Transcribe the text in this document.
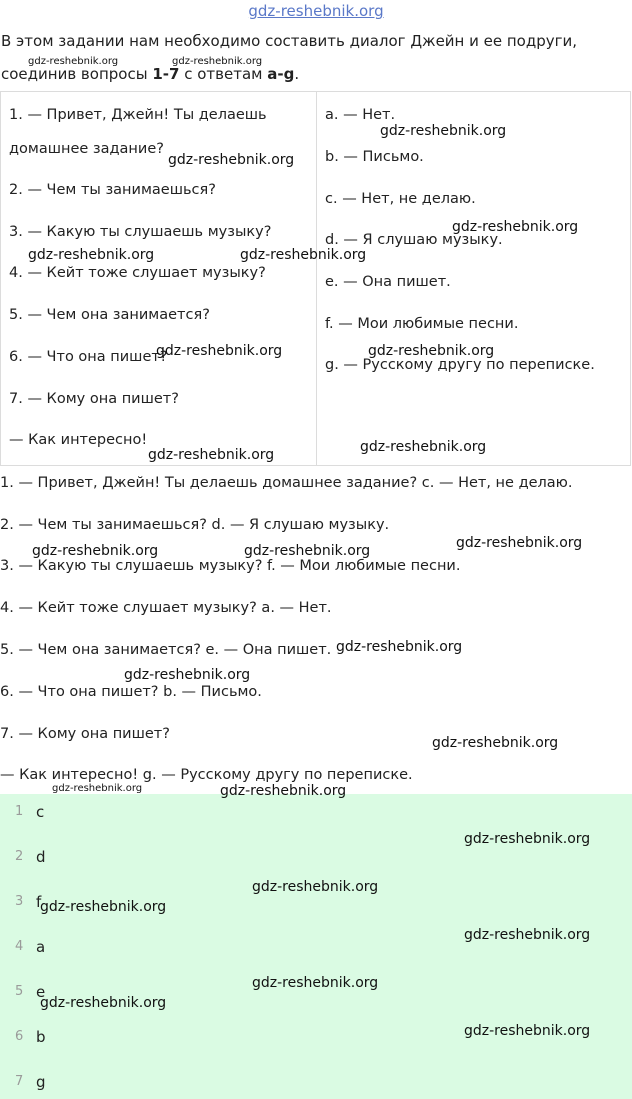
gdz-reshebnik.org
В этом задании нам необходимо составить диалог Джейн и ее подруги,
соединив вопросы 1-7 с ответам a-g.
1. — Привет, Джейн! Ты делаешь
домашнее задание?
2. — Чем ты занимаешься?
3. — Какую ты слушаешь музыку?
4. — Кейт тоже слушает музыку?
5. — Чем она занимается?
6. — Что она пишет?
7. — Кому она пишет?
— Как интересно!
a. — Нет.
b. — Письмо.
c. — Нет, не делаю.
d. — Я слушаю музыку.
e. — Она пишет.
f. — Мои любимые песни.
g. — Русскому другу по переписке.
1. — Привет, Джейн! Ты делаешь домашнее задание? c. — Нет, не делаю.
2. — Чем ты занимаешься? d. — Я слушаю музыку.
3. — Какую ты слушаешь музыку? f. — Мои любимые песни.
4. — Кейт тоже слушает музыку? a. — Нет.
5. — Чем она занимается? e. — Она пишет.
6. — Что она пишет? b. — Письмо.
7. — Кому она пишет?
— Как интересно! g. — Русскому другу по переписке.
1 c
2 d
3 f
4 a
5 e
6 b
7 g
gdz-reshebnik.org	gdz-reshebnik.org
gdz-reshebnik.org
gdz-reshebnik.org
gdz-reshebnik.org
gdz-reshebnik.org	gdz-reshebnik.org
gdz-reshebnik.org	gdz-reshebnik.org
gdz-reshebnik.org
gdz-reshebnik.org
gdz-reshebnik.org
gdz-reshebnik.org	gdz-reshebnik.org
gdz-reshebnik.org
gdz-reshebnik.org
gdz-reshebnik.org
gdz-reshebnik.org	gdz-reshebnik.org
gdz-reshebnik.org
gdz-reshebnik.org
gdz-reshebnik.org
gdz-reshebnik.org
gdz-reshebnik.org
gdz-reshebnik.org
gdz-reshebnik.org
